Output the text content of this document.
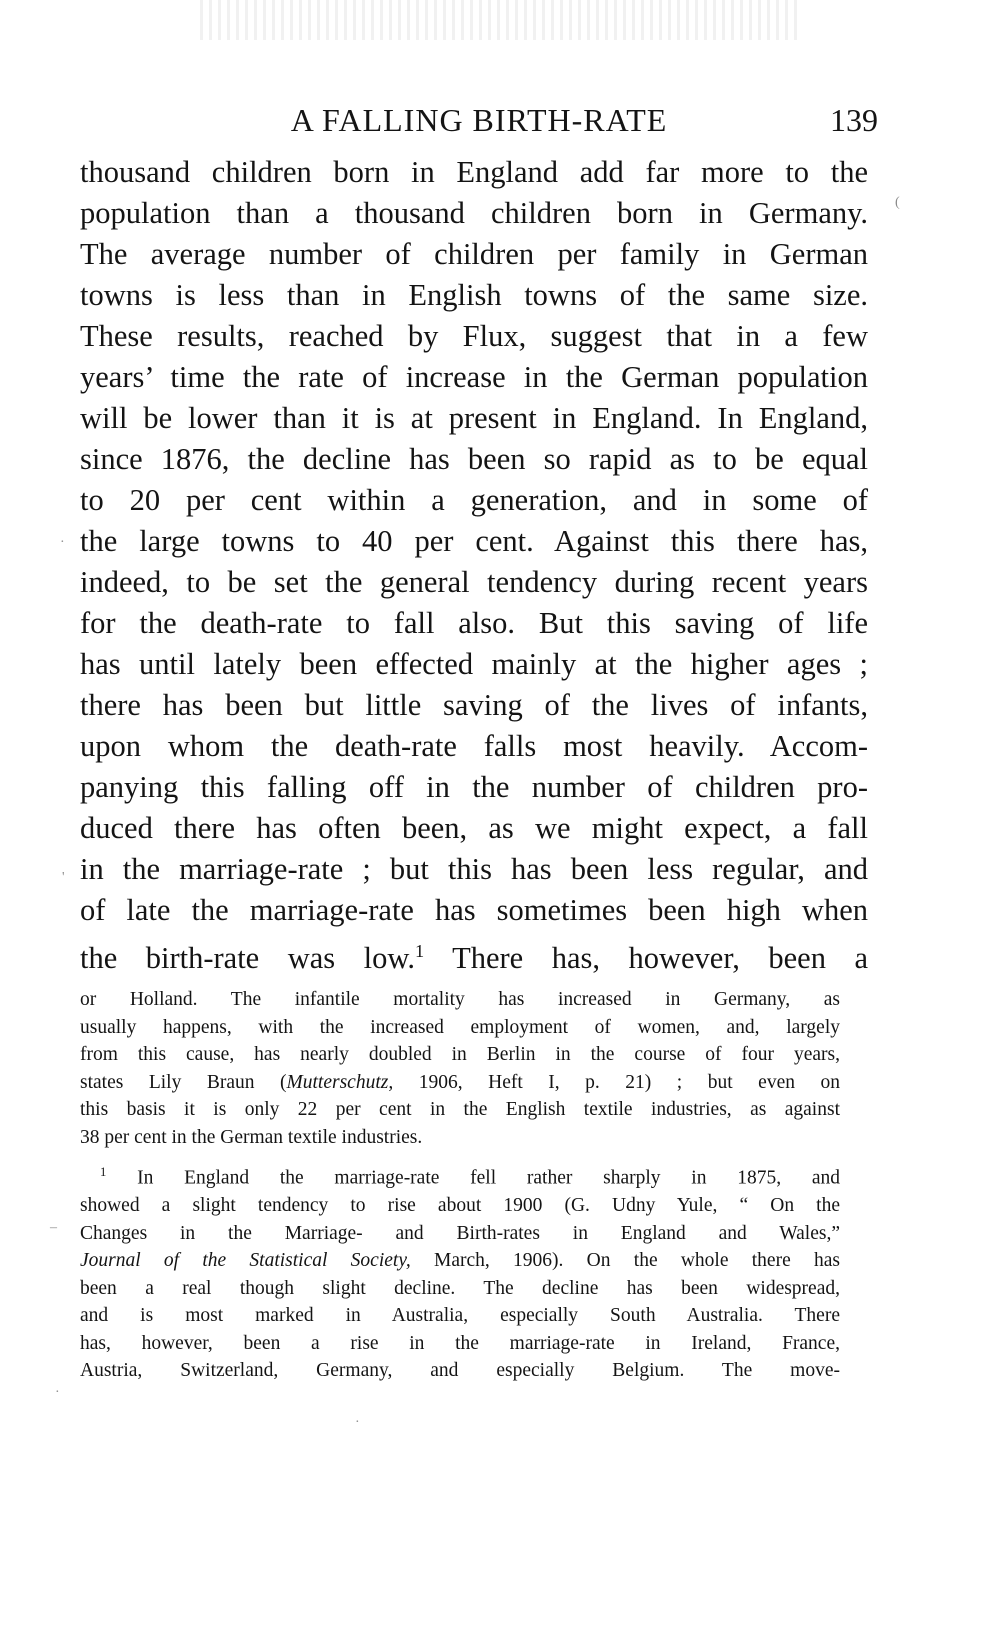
A FALLING BIRTH-RATE	139
thousand children born in England add far more to the
population than a thousand children born in Germany.
The average number of children per family in German
towns is less than in English towns of the same size.
These results, reached by Flux, suggest that in a few
years’ time the rate of increase in the German population
will be lower than it is at present in England. In England,
since 1876, the decline has been so rapid as to be equal
to 20 per cent within a generation, and in some of
the large towns to 40 per cent. Against this there has,
indeed, to be set the general tendency during recent years
for the death-rate to fall also. But this saving of life
has until lately been effected mainly at the higher ages ;
there has been but little saving of the lives of infants,
upon whom the death-rate falls most heavily. Accom-
panying this falling off in the number of children pro-
duced there has often been, as we might expect, a fall
in the marriage-rate ; but this has been less regular, and
of late the marriage-rate has sometimes been high when
the birth-rate was low.$^1$ There has, however, been a
or Holland. The infantile mortality has increased in Germany, as
usually happens, with the increased employment of women, and, largely
from this cause, has nearly doubled in Berlin in the course of four years,
states Lily Braun (Mutterschutz, 1906, Heft I, p. 21) ; but even on
this basis it is only 22 per cent in the English textile industries, as against
38 per cent in the German textile industries.
$^1$ In England the marriage-rate fell rather sharply in 1875, and
showed a slight tendency to rise about 1900 (G. Udny Yule, “ On the
Changes in the Marriage- and Birth-rates in England and Wales,”
Journal of the Statistical Society, March, 1906). On the whole there has
been a real though slight decline. The decline has been widespread,
and is most marked in Australia, especially South Australia. There
has, however, been a rise in the marriage-rate in Ireland, France,
Austria, Switzerland, Germany, and especially Belgium. The move-
(
·
'
–
·
·
